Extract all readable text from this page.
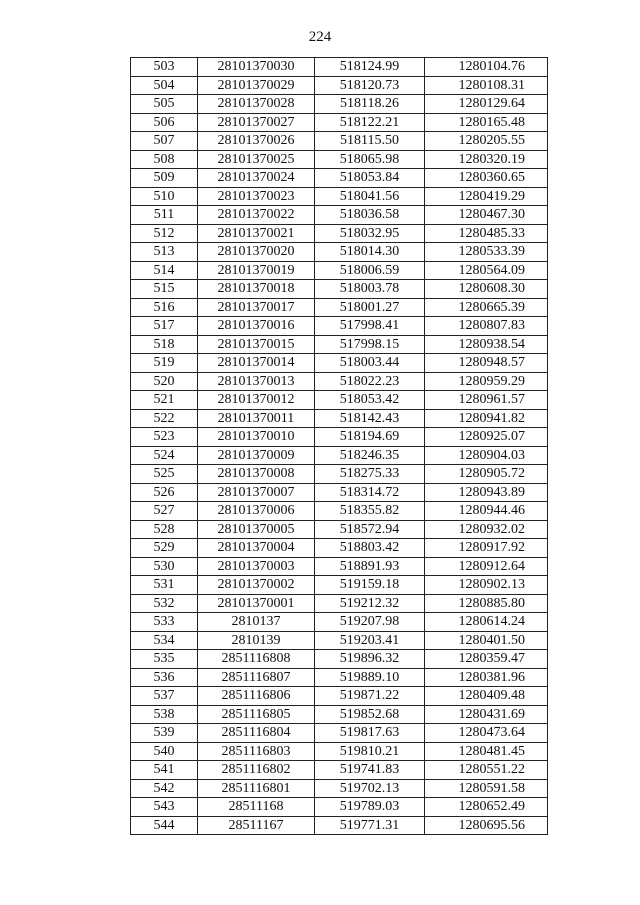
224
503	28101370030	518124.99	1280104.76
504	28101370029	518120.73	1280108.31
505	28101370028	518118.26	1280129.64
506	28101370027	518122.21	1280165.48
507	28101370026	518115.50	1280205.55
508	28101370025	518065.98	1280320.19
509	28101370024	518053.84	1280360.65
510	28101370023	518041.56	1280419.29
511	28101370022	518036.58	1280467.30
512	28101370021	518032.95	1280485.33
513	28101370020	518014.30	1280533.39
514	28101370019	518006.59	1280564.09
515	28101370018	518003.78	1280608.30
516	28101370017	518001.27	1280665.39
517	28101370016	517998.41	1280807.83
518	28101370015	517998.15	1280938.54
519	28101370014	518003.44	1280948.57
520	28101370013	518022.23	1280959.29
521	28101370012	518053.42	1280961.57
522	28101370011	518142.43	1280941.82
523	28101370010	518194.69	1280925.07
524	28101370009	518246.35	1280904.03
525	28101370008	518275.33	1280905.72
526	28101370007	518314.72	1280943.89
527	28101370006	518355.82	1280944.46
528	28101370005	518572.94	1280932.02
529	28101370004	518803.42	1280917.92
530	28101370003	518891.93	1280912.64
531	28101370002	519159.18	1280902.13
532	28101370001	519212.32	1280885.80
533	2810137	519207.98	1280614.24
534	2810139	519203.41	1280401.50
535	2851116808	519896.32	1280359.47
536	2851116807	519889.10	1280381.96
537	2851116806	519871.22	1280409.48
538	2851116805	519852.68	1280431.69
539	2851116804	519817.63	1280473.64
540	2851116803	519810.21	1280481.45
541	2851116802	519741.83	1280551.22
542	2851116801	519702.13	1280591.58
543	28511168	519789.03	1280652.49
544	28511167	519771.31	1280695.56
